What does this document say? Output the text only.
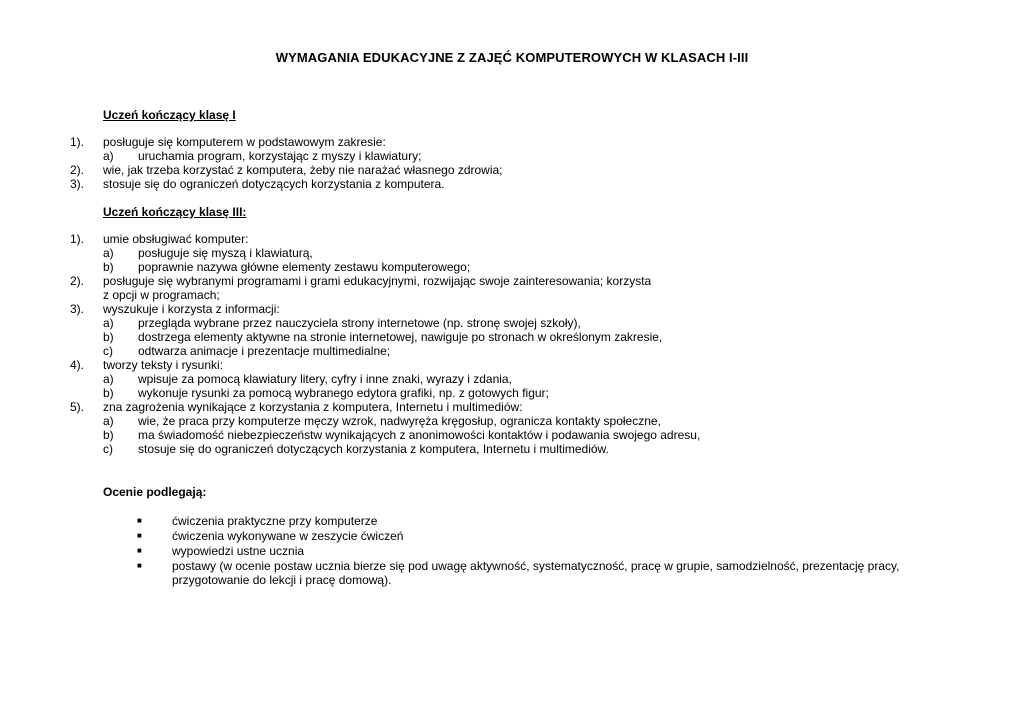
WYMAGANIA EDUKACYJNE Z ZAJĘĆ KOMPUTEROWYCH W KLASACH I-III
Uczeń kończący klasę I
1). posługuje się komputerem w podstawowym zakresie:
a) uruchamia program, korzystając z myszy i klawiatury;
2). wie, jak trzeba korzystać z komputera, żeby nie narażać własnego zdrowia;
3). stosuje się do ograniczeń dotyczących korzystania z komputera.
Uczeń kończący klasę III:
1). umie obsługiwać komputer:
a) posługuje się myszą i klawiaturą,
b) poprawnie nazywa główne elementy zestawu komputerowego;
2). posługuje się wybranymi programami i grami edukacyjnymi, rozwijając swoje zainteresowania; korzysta
z opcji w programach;
3). wyszukuje i korzysta z informacji:
a) przegląda wybrane przez nauczyciela strony internetowe (np. stronę swojej szkoły),
b) dostrzega elementy aktywne na stronie internetowej, nawiguje po stronach w określonym zakresie,
c) odtwarza animacje i prezentacje multimedialne;
4). tworzy teksty i rysunki:
a) wpisuje za pomocą klawiatury litery, cyfry i inne znaki, wyrazy i zdania,
b) wykonuje rysunki za pomocą wybranego edytora grafiki, np. z gotowych figur;
5). zna zagrożenia wynikające z korzystania z komputera, Internetu i multimediów:
a) wie, że praca przy komputerze męczy wzrok, nadwyręża kręgosłup, ogranicza kontakty społeczne,
b) ma świadomość niebezpieczeństw wynikających z anonimowości kontaktów i podawania swojego adresu,
c) stosuje się do ograniczeń dotyczących korzystania z komputera, Internetu i multimediów.
Ocenie podlegają:
■	ćwiczenia praktyczne przy komputerze
■	ćwiczenia wykonywane w zeszycie ćwiczeń
■	wypowiedzi ustne ucznia
■	postawy (w ocenie postaw ucznia bierze się pod uwagę aktywność, systematyczność, pracę w grupie, samodzielność, prezentację pracy, przygotowanie do lekcji i pracę domową).
